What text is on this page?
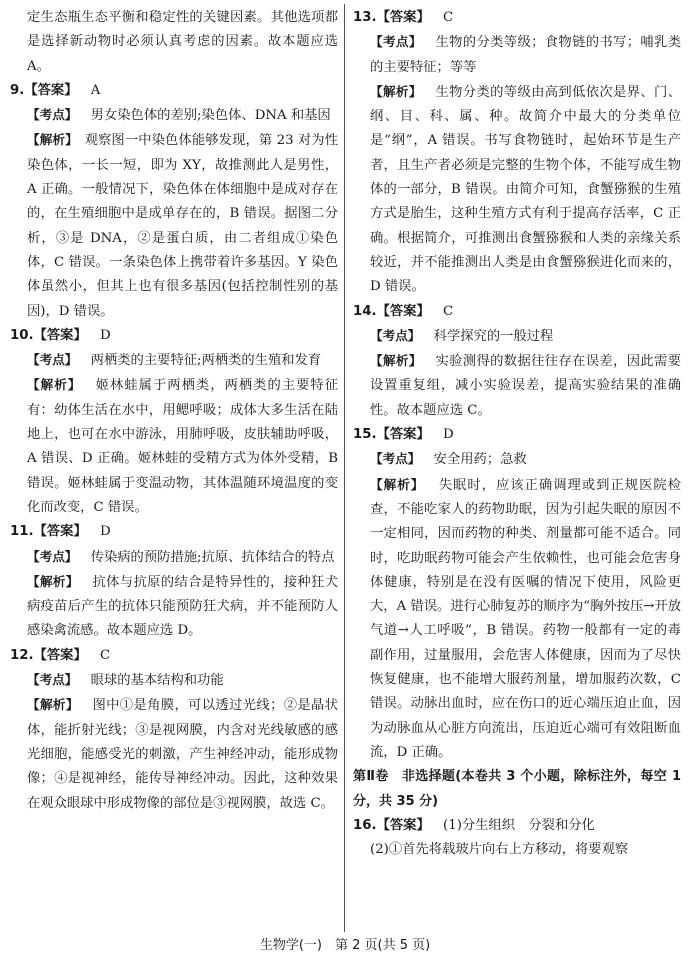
定生态瓶生态平衡和稳定性的关键因素。其他选项都是选择新动物时必须认真考虑的因素。故本题应选 A。

9.【答案】  A

【考点】  男女染色体的差别;染色体、DNA 和基因

【解析】  观察图一中染色体能够发现，第 23 对为性染色体，一长一短，即为 XY，故推测此人是男性，A 正确。一般情况下，染色体在体细胞中是成对存在的，在生殖细胞中是成单存在的，B 错误。据图二分析，③是 DNA，②是蛋白质，由二者组成①染色体，C 错误。一条染色体上携带着许多基因。Y 染色体虽然小，但其上也有很多基因(包括控制性别的基因)，D 错误。

10.【答案】  D

【考点】  两栖类的主要特征;两栖类的生殖和发育

【解析】  姬林蛙属于两栖类，两栖类的主要特征有：幼体生活在水中，用鳃呼吸；成体大多生活在陆地上，也可在水中游泳，用肺呼吸，皮肤辅助呼吸，A 错误、D 正确。姬林蛙的受精方式为体外受精，B 错误。姬林蛙属于变温动物，其体温随环境温度的变化而改变，C 错误。

11.【答案】  D

【考点】  传染病的预防措施;抗原、抗体结合的特点

【解析】  抗体与抗原的结合是特异性的，接种狂犬病疫苗后产生的抗体只能预防狂犬病，并不能预防人感染禽流感。故本题应选 D。

12.【答案】  C

【考点】  眼球的基本结构和功能

【解析】  图中①是角膜，可以透过光线；②是晶状体，能折射光线；③是视网膜，内含对光线敏感的感光细胞，能感受光的刺激，产生神经冲动，能形成物像；④是视神经，能传导神经冲动。因此，这种效果在观众眼球中形成物像的部位是③视网膜，故选 C。

13.【答案】  C

【考点】  生物的分类等级；食物链的书写；哺乳类的主要特征；等等

【解析】  生物分类的等级由高到低依次是界、门、纲、目、科、属、种。故简介中最大的分类单位是“纲”，A 错误。书写食物链时，起始环节是生产者，且生产者必须是完整的生物个体，不能写成生物体的一部分，B 错误。由简介可知，食蟹猕猴的生殖方式是胎生，这种生殖方式有利于提高存活率，C 正确。根据简介，可推测出食蟹猕猴和人类的亲缘关系较近，并不能推测出人类是由食蟹猕猴进化而来的，D 错误。

14.【答案】  C

【考点】  科学探究的一般过程

【解析】  实验测得的数据往往存在误差，因此需要设置重复组，减小实验误差，提高实验结果的准确性。故本题应选 C。

15.【答案】  D

【考点】  安全用药；急救

【解析】  失眠时，应该正确调理或到正规医院检查，不能吃家人的药物助眠，因为引起失眠的原因不一定相同，因而药物的种类、剂量都可能不适合。同时，吃助眠药物可能会产生依赖性，也可能会危害身体健康，特别是在没有医嘱的情况下使用，风险更大，A 错误。进行心肺复苏的顺序为“胸外按压→开放气道→人工呼吸”，B 错误。药物一般都有一定的毒副作用，过量服用，会危害人体健康，因而为了尽快恢复健康，也不能增大服药剂量，增加服药次数，C 错误。动脉出血时，应在伤口的近心端压迫止血，因为动脉血从心脏方向流出，压迫近心端可有效阻断血流，D 正确。

第Ⅱ卷　非选择题(本卷共 3 个小题，除标注外，每空 1 分，共 35 分)

16.【答案】  (1)分生组织　分裂和分化

(2)①首先将载玻片向右上方移动，将要观察

生物学(一)　第 2 页(共 5 页)
